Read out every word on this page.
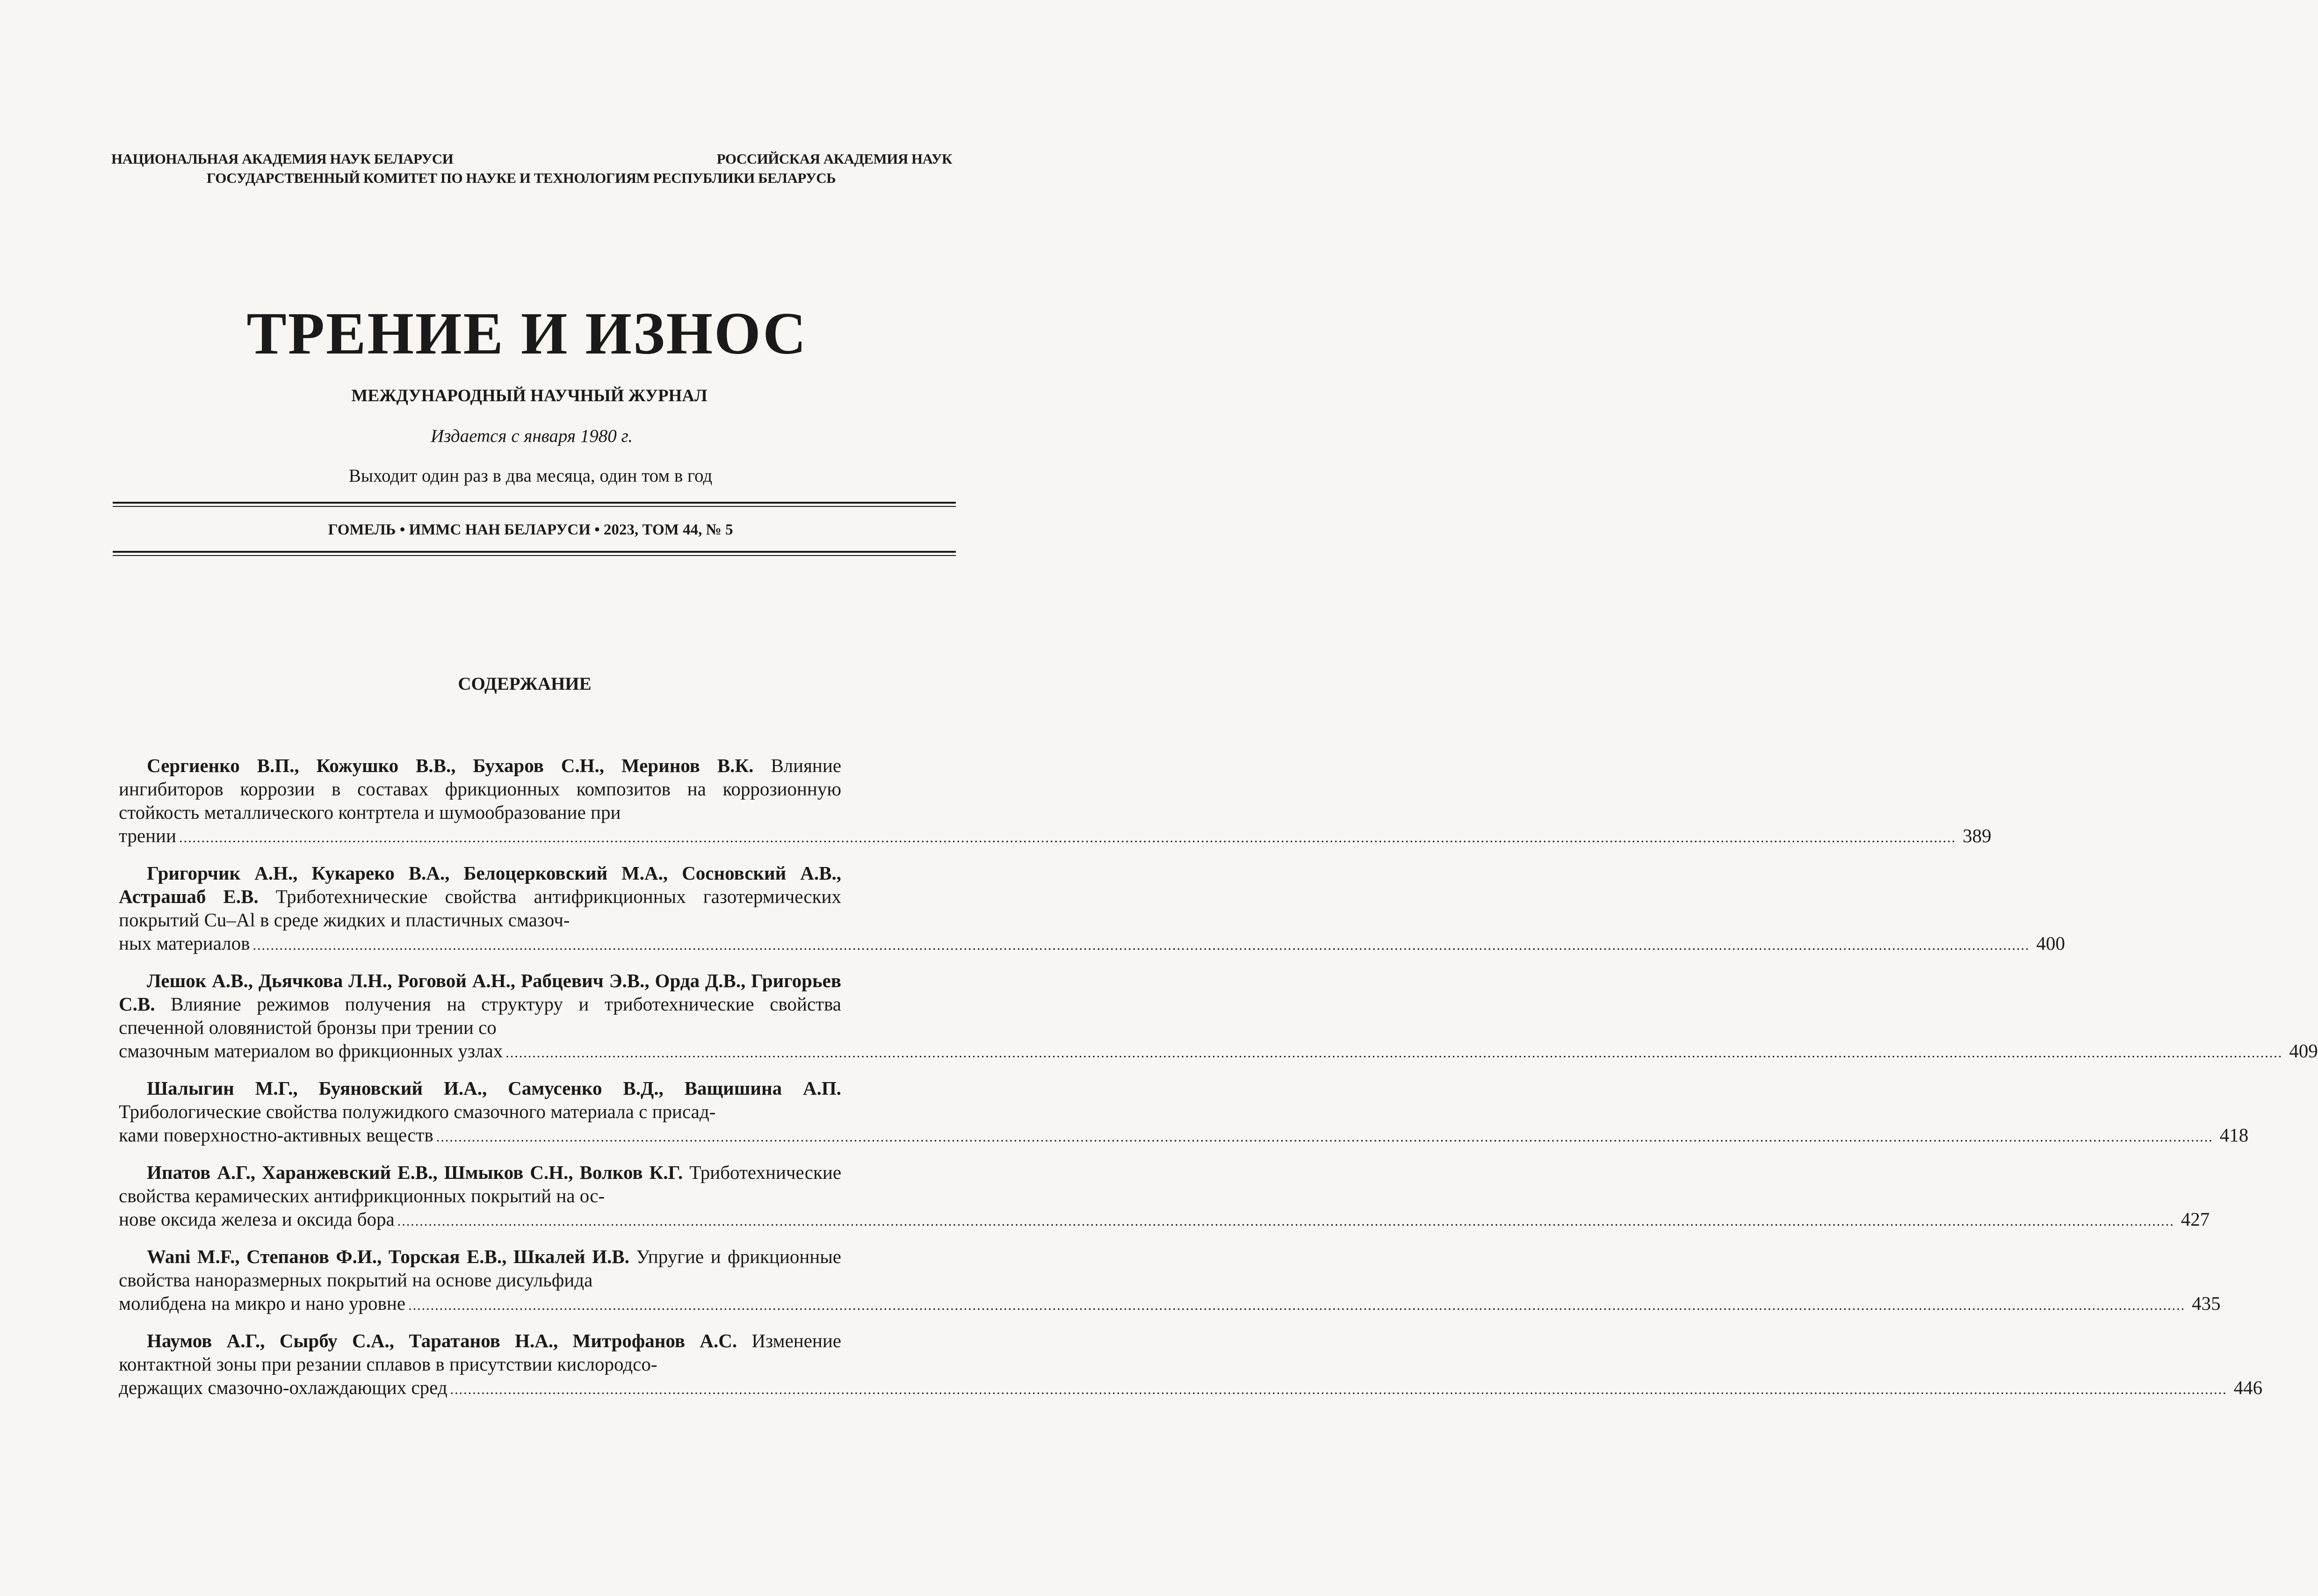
НАЦИОНАЛЬНАЯ АКАДЕМИЯ НАУК БЕЛАРУСИ	РОССИЙСКАЯ АКАДЕМИЯ НАУК
ГОСУДАРСТВЕННЫЙ КОМИТЕТ ПО НАУКЕ И ТЕХНОЛОГИЯМ РЕСПУБЛИКИ БЕЛАРУСЬ
ТРЕНИЕ И ИЗНОС
МЕЖДУНАРОДНЫЙ НАУЧНЫЙ ЖУРНАЛ
Издается с января 1980 г.
Выходит один раз в два месяца, один том в год
ГОМЕЛЬ • ИММС НАН БЕЛАРУСИ • 2023, ТОМ 44, № 5
СОДЕРЖАНИЕ
Сергиенко В.П., Кожушко В.В., Бухаров С.Н., Меринов В.К. Влияние ингибиторов коррозии в составах фрикционных композитов на коррозионную стойкость металлического контртела и шумообразование при
трении ................................................................................................................................................................................................................................................................................................................................................................................................................ 389
Григорчик А.Н., Кукареко В.А., Белоцерковский М.А., Сосновский А.В., Астрашаб Е.В. Триботехнические свойства антифрикционных газотермических покрытий Cu–Al в среде жидких и пластичных смазоч-
ных материалов ................................................................................................................................................................................................................................................................................................................................................................................................................ 400
Лешок А.В., Дьячкова Л.Н., Роговой А.Н., Рабцевич Э.В., Орда Д.В., Григорьев С.В. Влияние режимов получения на структуру и триботехнические свойства спеченной оловянистой бронзы при трении со
смазочным материалом во фрикционных узлах ................................................................................................................................................................................................................................................................................................................................................................................................................ 409
Шалыгин М.Г., Буяновский И.А., Самусенко В.Д., Ващишина А.П. Трибологические свойства полужидкого смазочного материала с присад-
ками поверхностно-активных веществ ................................................................................................................................................................................................................................................................................................................................................................................................................ 418
Ипатов А.Г., Харанжевский Е.В., Шмыков С.Н., Волков К.Г. Триботехнические свойства керамических антифрикционных покрытий на ос-
нове оксида железа и оксида бора ................................................................................................................................................................................................................................................................................................................................................................................................................ 427
Wani M.F., Степанов Ф.И., Торская Е.В., Шкалей И.В. Упругие и фрикционные свойства наноразмерных покрытий на основе дисульфида
молибдена на микро и нано уровне ................................................................................................................................................................................................................................................................................................................................................................................................................ 435
Наумов А.Г., Сырбу С.А., Таратанов Н.А., Митрофанов А.С. Изменение контактной зоны при резании сплавов в присутствии кислородсо-
держащих смазочно-охлаждающих сред ................................................................................................................................................................................................................................................................................................................................................................................................................ 446
